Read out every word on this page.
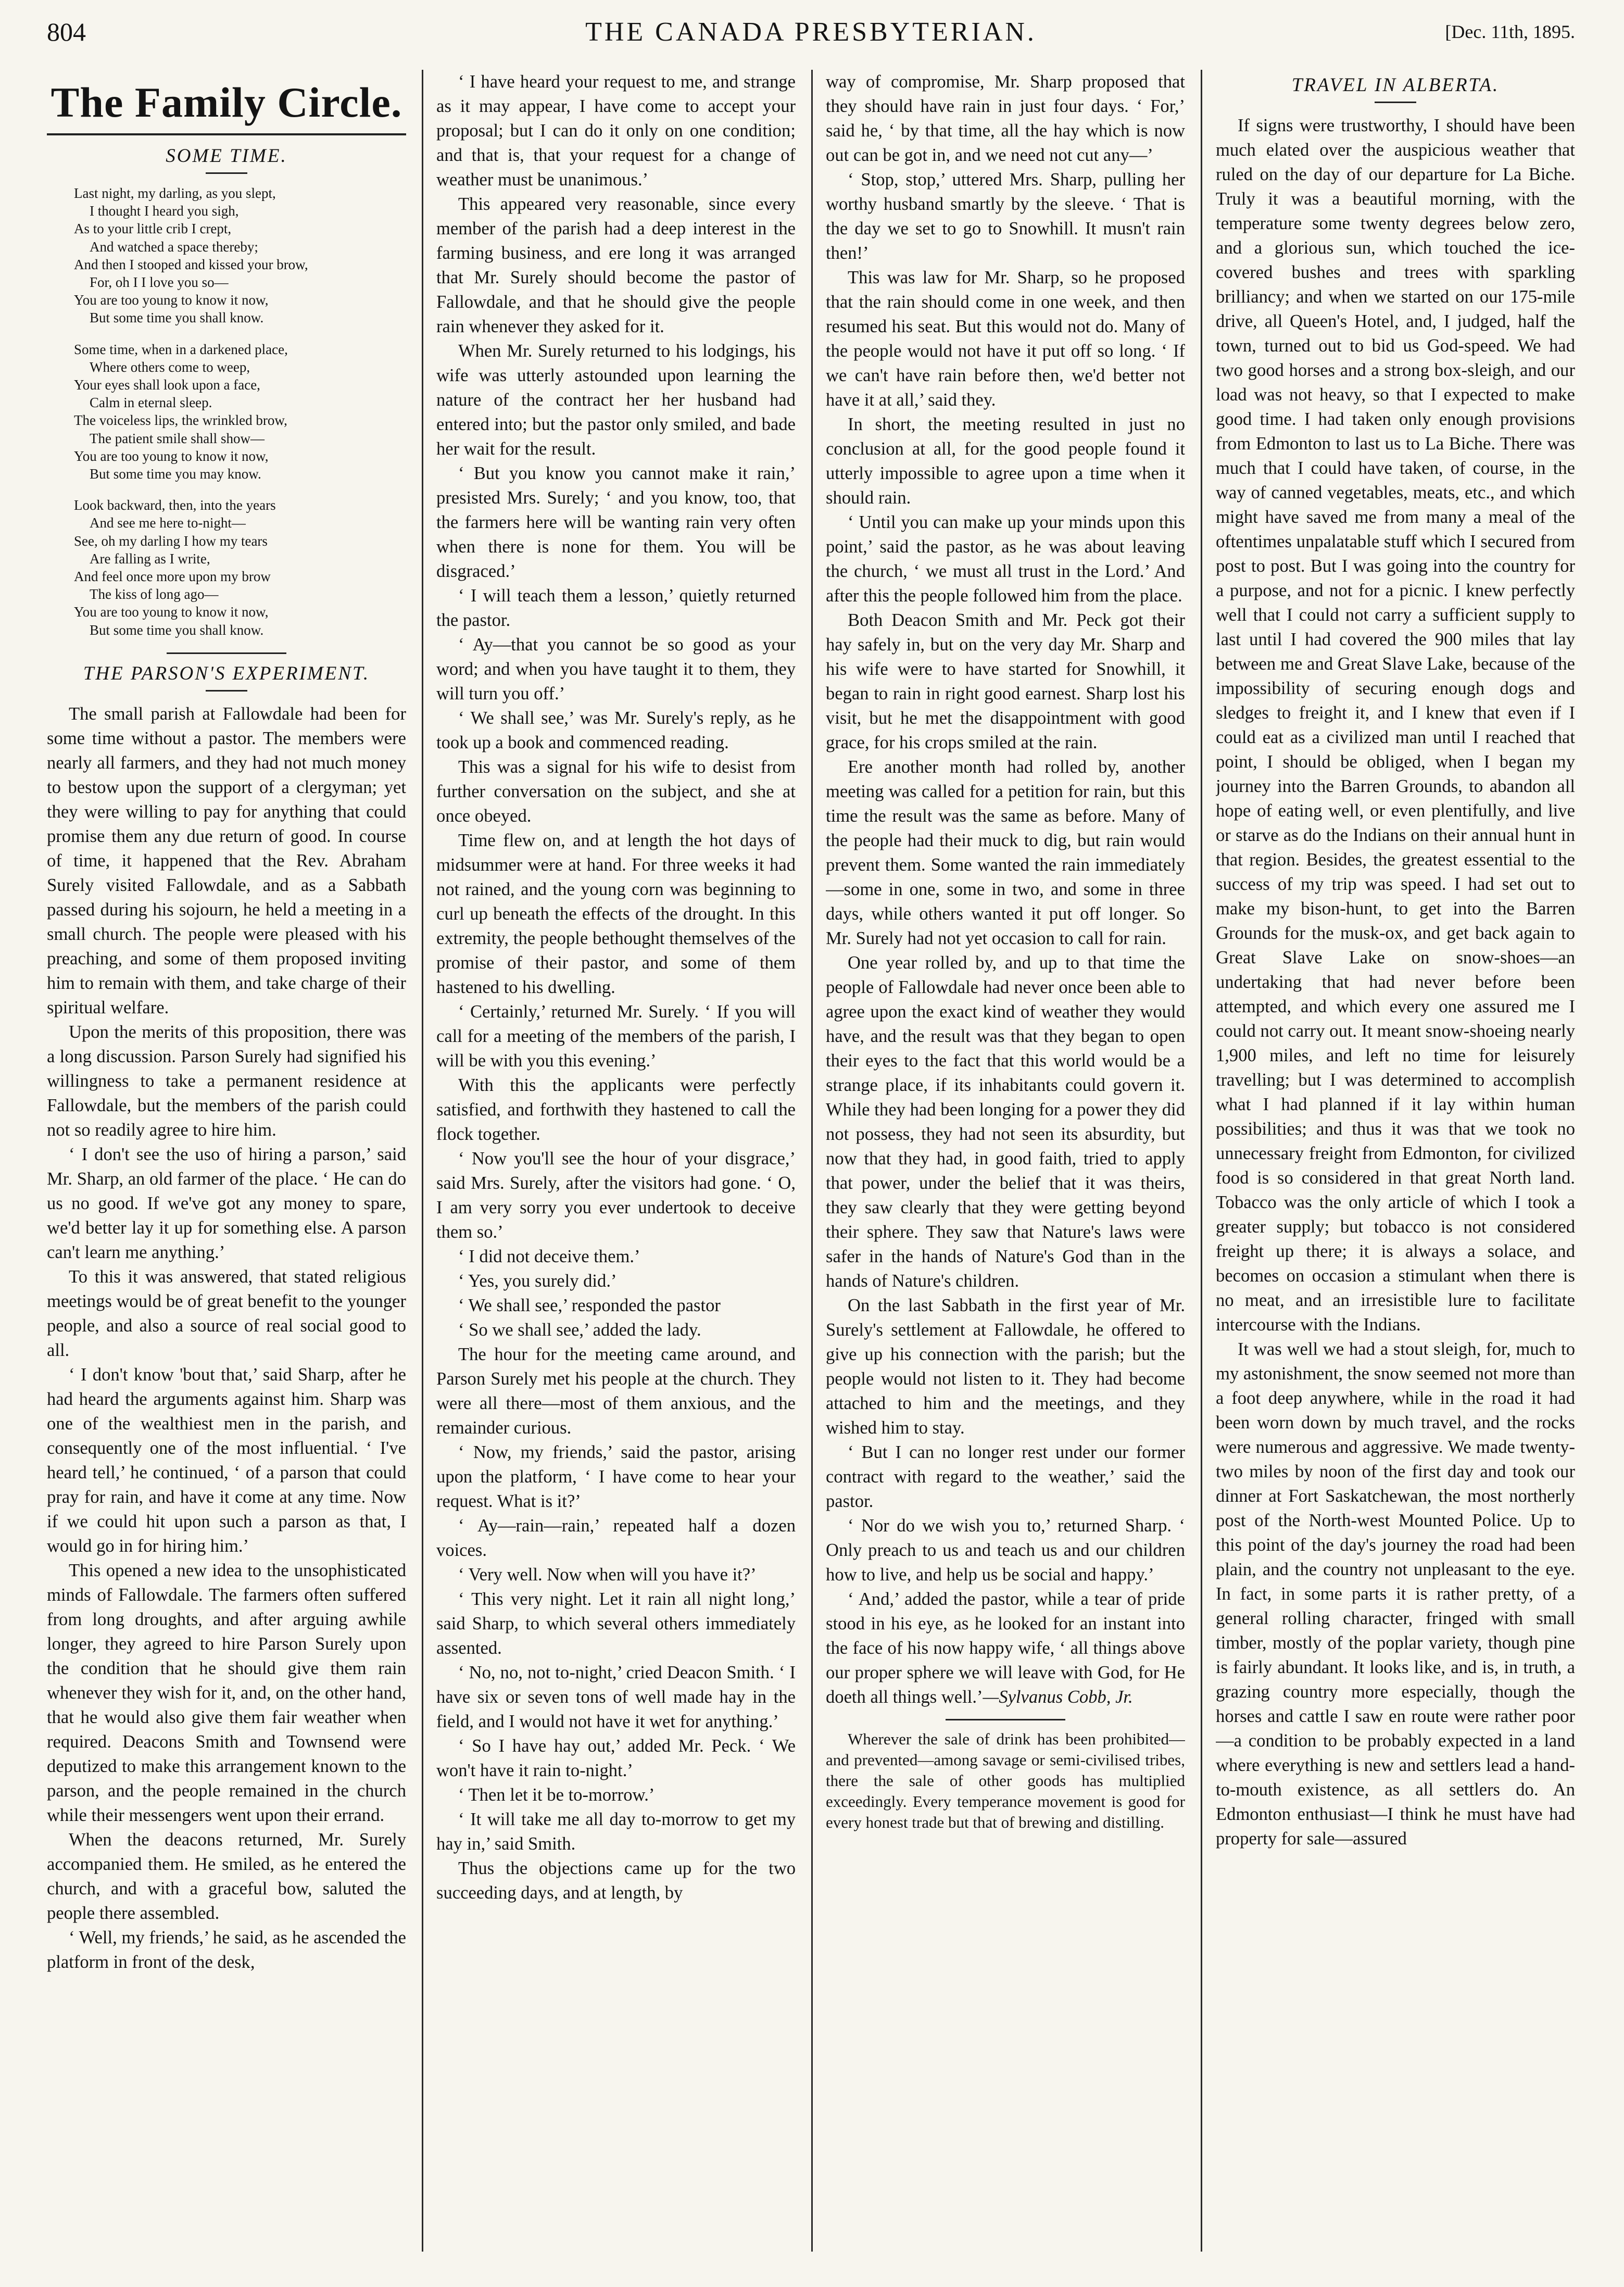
804	THE CANADA PRESBYTERIAN.	[Dec. 11th, 1895.
The Family Circle.
SOME TIME.
Last night, my darling, as you slept,
I thought I heard you sigh,
As to your little crib I crept,
And watched a space thereby;
And then I stooped and kissed your brow,
For, oh I I love you so—
You are too young to know it now,
But some time you shall know.
Some time, when in a darkened place,
Where others come to weep,
Your eyes shall look upon a face,
Calm in eternal sleep.
The voiceless lips, the wrinkled brow,
The patient smile shall show—
You are too young to know it now,
But some time you may know.
Look backward, then, into the years
And see me here to-night—
See, oh my darling I how my tears
Are falling as I write,
And feel once more upon my brow
The kiss of long ago—
You are too young to know it now,
But some time you shall know.
THE PARSON'S EXPERIMENT.

The small parish at Fallowdale had been for some time without a pastor. The members were nearly all farmers, and they had not much money to bestow upon the support of a clergyman; yet they were willing to pay for anything that could promise them any due return of good. In course of time, it happened that the Rev. Abraham Surely visited Fallowdale, and as a Sabbath passed during his sojourn, he held a meeting in a small church. The people were pleased with his preaching, and some of them proposed inviting him to remain with them, and take charge of their spiritual welfare.

Upon the merits of this proposition, there was a long discussion. Parson Surely had signified his willingness to take a permanent residence at Fallowdale, but the members of the parish could not so readily agree to hire him.

‘ I don't see the uso of hiring a parson,’ said Mr. Sharp, an old farmer of the place. ‘ He can do us no good. If we've got any money to spare, we'd better lay it up for something else. A parson can't learn me anything.’

To this it was answered, that stated religious meetings would be of great benefit to the younger people, and also a source of real social good to all.

‘ I don't know 'bout that,’ said Sharp, after he had heard the arguments against him. Sharp was one of the wealthiest men in the parish, and consequently one of the most influential. ‘ I've heard tell,’ he continued, ‘ of a parson that could pray for rain, and have it come at any time. Now if we could hit upon such a parson as that, I would go in for hiring him.’

This opened a new idea to the unsophisticated minds of Fallowdale. The farmers often suffered from long droughts, and after arguing awhile longer, they agreed to hire Parson Surely upon the condition that he should give them rain whenever they wish for it, and, on the other hand, that he would also give them fair weather when required. Deacons Smith and Townsend were deputized to make this arrangement known to the parson, and the people remained in the church while their messengers went upon their errand.

When the deacons returned, Mr. Surely accompanied them. He smiled, as he entered the church, and with a graceful bow, saluted the people there assembled.

‘ Well, my friends,’ he said, as he ascended the platform in front of the desk,

‘ I have heard your request to me, and strange as it may appear, I have come to accept your proposal; but I can do it only on one condition; and that is, that your request for a change of weather must be unanimous.’

This appeared very reasonable, since every member of the parish had a deep interest in the farming business, and ere long it was arranged that Mr. Surely should become the pastor of Fallowdale, and that he should give the people rain whenever they asked for it.

When Mr. Surely returned to his lodgings, his wife was utterly astounded upon learning the nature of the contract her her husband had entered into; but the pastor only smiled, and bade her wait for the result.

‘ But you know you cannot make it rain,’ presisted Mrs. Surely; ‘ and you know, too, that the farmers here will be wanting rain very often when there is none for them. You will be disgraced.’

‘ I will teach them a lesson,’ quietly returned the pastor.

‘ Ay—that you cannot be so good as your word; and when you have taught it to them, they will turn you off.’

‘ We shall see,’ was Mr. Surely's reply, as he took up a book and commenced reading.

This was a signal for his wife to desist from further conversation on the subject, and she at once obeyed.

Time flew on, and at length the hot days of midsummer were at hand. For three weeks it had not rained, and the young corn was beginning to curl up beneath the effects of the drought. In this extremity, the people bethought themselves of the promise of their pastor, and some of them hastened to his dwelling.

‘ Certainly,’ returned Mr. Surely. ‘ If you will call for a meeting of the members of the parish, I will be with you this evening.’

With this the applicants were perfectly satisfied, and forthwith they hastened to call the flock together.

‘ Now you'll see the hour of your disgrace,’ said Mrs. Surely, after the visitors had gone. ‘ O, I am very sorry you ever undertook to deceive them so.’

‘ I did not deceive them.’

‘ Yes, you surely did.’

‘ We shall see,’ responded the pastor

‘ So we shall see,’ added the lady.

The hour for the meeting came around, and Parson Surely met his people at the church. They were all there—most of them anxious, and the remainder curious.

‘ Now, my friends,’ said the pastor, arising upon the platform, ‘ I have come to hear your request. What is it?’

‘ Ay—rain—rain,’ repeated half a dozen voices.

‘ Very well. Now when will you have it?’

‘ This very night. Let it rain all night long,’ said Sharp, to which several others immediately assented.

‘ No, no, not to-night,’ cried Deacon Smith. ‘ I have six or seven tons of well made hay in the field, and I would not have it wet for anything.’

‘ So I have hay out,’ added Mr. Peck. ‘ We won't have it rain to-night.’

‘ Then let it be to-morrow.’

‘ It will take me all day to-morrow to get my hay in,’ said Smith.

Thus the objections came up for the two succeeding days, and at length, by

way of compromise, Mr. Sharp proposed that they should have rain in just four days. ‘ For,’ said he, ‘ by that time, all the hay which is now out can be got in, and we need not cut any—’

‘ Stop, stop,’ uttered Mrs. Sharp, pulling her worthy husband smartly by the sleeve. ‘ That is the day we set to go to Snowhill. It musn't rain then!’

This was law for Mr. Sharp, so he proposed that the rain should come in one week, and then resumed his seat. But this would not do. Many of the people would not have it put off so long. ‘ If we can't have rain before then, we'd better not have it at all,’ said they.

In short, the meeting resulted in just no conclusion at all, for the good people found it utterly impossible to agree upon a time when it should rain.

‘ Until you can make up your minds upon this point,’ said the pastor, as he was about leaving the church, ‘ we must all trust in the Lord.’ And after this the people followed him from the place.

Both Deacon Smith and Mr. Peck got their hay safely in, but on the very day Mr. Sharp and his wife were to have started for Snowhill, it began to rain in right good earnest. Sharp lost his visit, but he met the disappointment with good grace, for his crops smiled at the rain.

Ere another month had rolled by, another meeting was called for a petition for rain, but this time the result was the same as before. Many of the people had their muck to dig, but rain would prevent them. Some wanted the rain immediately—some in one, some in two, and some in three days, while others wanted it put off longer. So Mr. Surely had not yet occasion to call for rain.

One year rolled by, and up to that time the people of Fallowdale had never once been able to agree upon the exact kind of weather they would have, and the result was that they began to open their eyes to the fact that this world would be a strange place, if its inhabitants could govern it. While they had been longing for a power they did not possess, they had not seen its absurdity, but now that they had, in good faith, tried to apply that power, under the belief that it was theirs, they saw clearly that they were getting beyond their sphere. They saw that Nature's laws were safer in the hands of Nature's God than in the hands of Nature's children.

On the last Sabbath in the first year of Mr. Surely's settlement at Fallowdale, he offered to give up his connection with the parish; but the people would not listen to it. They had become attached to him and the meetings, and they wished him to stay.

‘ But I can no longer rest under our former contract with regard to the weather,’ said the pastor.

‘ Nor do we wish you to,’ returned Sharp. ‘ Only preach to us and teach us and our children how to live, and help us be social and happy.’

‘ And,’ added the pastor, while a tear of pride stood in his eye, as he looked for an instant into the face of his now happy wife, ‘ all things above our proper sphere we will leave with God, for He doeth all things well.’—Sylvanus Cobb, Jr.

Wherever the sale of drink has been prohibited—and prevented—among savage or semi-civilised tribes, there the sale of other goods has multiplied exceedingly. Every temperance movement is good for every honest trade but that of brewing and distilling.

TRAVEL IN ALBERTA.

If signs were trustworthy, I should have been much elated over the auspicious weather that ruled on the day of our departure for La Biche. Truly it was a beautiful morning, with the temperature some twenty degrees below zero, and a glorious sun, which touched the ice-covered bushes and trees with sparkling brilliancy; and when we started on our 175-mile drive, all Queen's Hotel, and, I judged, half the town, turned out to bid us God-speed. We had two good horses and a strong box-sleigh, and our load was not heavy, so that I expected to make good time. I had taken only enough provisions from Edmonton to last us to La Biche. There was much that I could have taken, of course, in the way of canned vegetables, meats, etc., and which might have saved me from many a meal of the oftentimes unpalatable stuff which I secured from post to post. But I was going into the country for a purpose, and not for a picnic. I knew perfectly well that I could not carry a sufficient supply to last until I had covered the 900 miles that lay between me and Great Slave Lake, because of the impossibility of securing enough dogs and sledges to freight it, and I knew that even if I could eat as a civilized man until I reached that point, I should be obliged, when I began my journey into the Barren Grounds, to abandon all hope of eating well, or even plentifully, and live or starve as do the Indians on their annual hunt in that region. Besides, the greatest essential to the success of my trip was speed. I had set out to make my bison-hunt, to get into the Barren Grounds for the musk-ox, and get back again to Great Slave Lake on snow-shoes—an undertaking that had never before been attempted, and which every one assured me I could not carry out. It meant snow-shoeing nearly 1,900 miles, and left no time for leisurely travelling; but I was determined to accomplish what I had planned if it lay within human possibilities; and thus it was that we took no unnecessary freight from Edmonton, for civilized food is so considered in that great North land. Tobacco was the only article of which I took a greater supply; but tobacco is not considered freight up there; it is always a solace, and becomes on occasion a stimulant when there is no meat, and an irresistible lure to facilitate intercourse with the Indians.

It was well we had a stout sleigh, for, much to my astonishment, the snow seemed not more than a foot deep anywhere, while in the road it had been worn down by much travel, and the rocks were numerous and aggressive. We made twenty-two miles by noon of the first day and took our dinner at Fort Saskatchewan, the most northerly post of the North-west Mounted Police. Up to this point of the day's journey the road had been plain, and the country not unpleasant to the eye. In fact, in some parts it is rather pretty, of a general rolling character, fringed with small timber, mostly of the poplar variety, though pine is fairly abundant. It looks like, and is, in truth, a grazing country more especially, though the horses and cattle I saw en route were rather poor—a condition to be probably expected in a land where everything is new and settlers lead a hand-to-mouth existence, as all settlers do. An Edmonton enthusiast—I think he must have had property for sale—assured
